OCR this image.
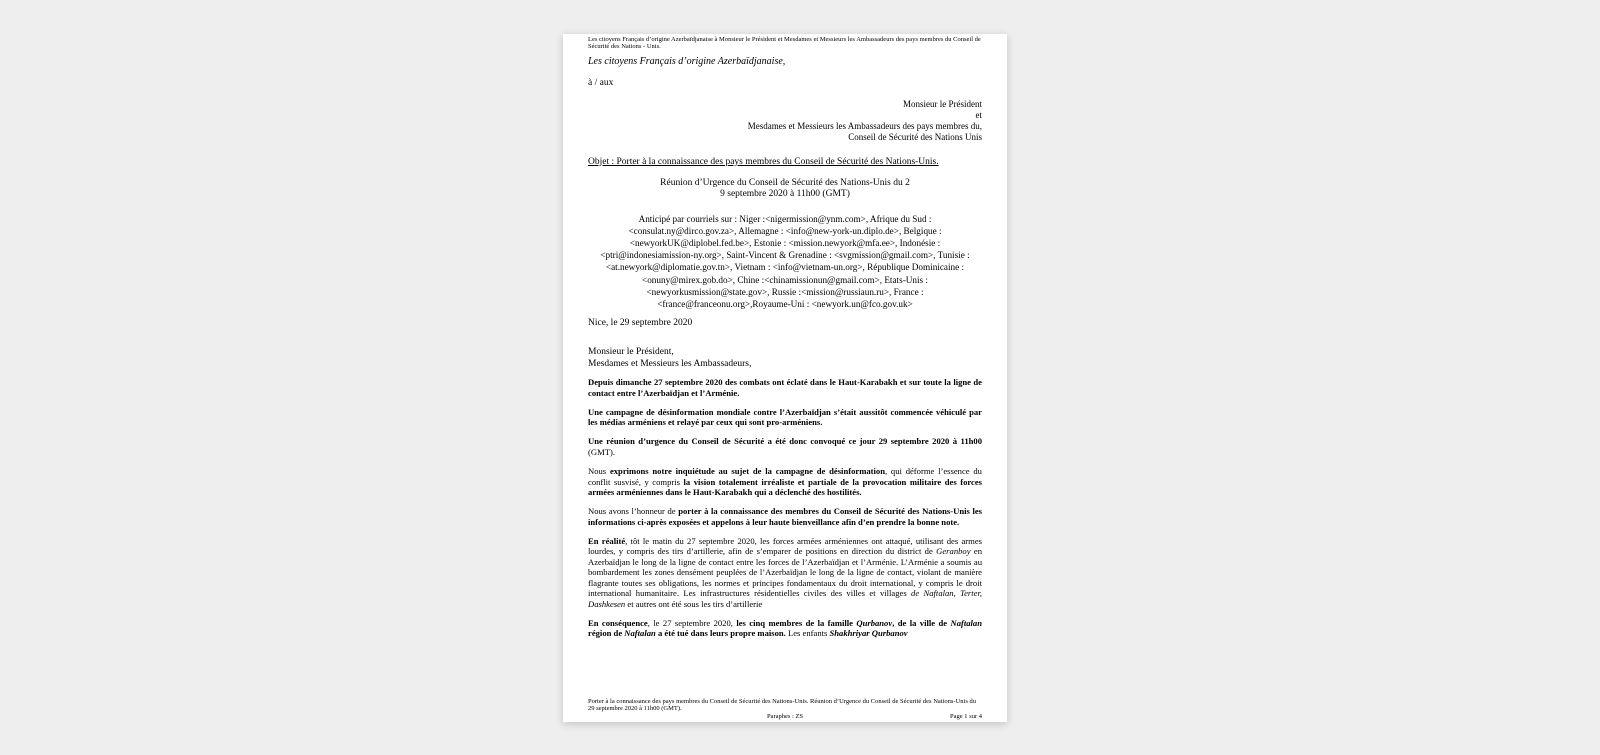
Les citoyens Français d’origine Azerbaïdjanaise à Monsieur le Président et Mesdames et Messieurs les Ambassadeurs des pays membres du Conseil de Sécurité des Nations - Unis.

Les citoyens Français d’origine Azerbaïdjanaise,

à / aux

Monsieur le Président
et
Mesdames et Messieurs les Ambassadeurs des pays membres du,
Conseil de Sécurité des Nations Unis

Objet : Porter à la connaissance des pays membres du Conseil de Sécurité des Nations-Unis.

Réunion d’Urgence du Conseil de Sécurité des Nations-Unis du 2
9 septembre 2020 à 11h00 (GMT)
Anticipé par courriels sur : Niger :<nigermission@ynm.com>, Afrique du Sud : <consulat.ny@dirco.gov.za>, Allemagne : <info@new-york-un.diplo.de>, Belgique : <newyorkUK@diplobel.fed.be>, Estonie : <mission.newyork@mfa.ee>, Indonésie : <ptri@indonesiamission-ny.org>, Saint-Vincent & Grenadine : <svgmission@gmail.com>, Tunisie :<at.newyork@diplomatie.gov.tn>, Vietnam : <info@vietnam-un.org>, République Dominicaine :<onuny@mirex.gob.do>, Chine :<chinamissionun@gmail.com>, Etats-Unis : <newyorkusmission@state.gov>, Russie :<mission@russiaun.ru>, France : <france@franceonu.org>,Royaume-Uni : <newyork.un@fco.gov.uk>
Nice, le 29 septembre 2020
Monsieur le Président,
Mesdames et Messieurs les Ambassadeurs,

Depuis dimanche 27 septembre 2020 des combats ont éclaté dans le Haut-Karabakh et sur toute la ligne de contact entre l’Azerbaïdjan et l’Arménie.

Une campagne de désinformation mondiale contre l’Azerbaïdjan s’était aussitôt commencée véhiculé par les médias arméniens et relayé par ceux qui sont pro-arméniens.

Une réunion d’urgence du Conseil de Sécurité a été donc convoqué ce jour 29 septembre 2020 à 11h00 (GMT).

Nous exprimons notre inquiétude au sujet de la campagne de désinformation, qui déforme l’essence du conflit susvisé, y compris la vision totalement irréaliste et partiale de la provocation militaire des forces armées arméniennes dans le Haut-Karabakh qui a déclenché des hostilités.

Nous avons l’honneur de porter à la connaissance des membres du Conseil de Sécurité des Nations-Unis les informations ci-après exposées et appelons à leur haute bienveillance afin d’en prendre la bonne note.

En réalité, tôt le matin du 27 septembre 2020, les forces armées arméniennes ont attaqué, utilisant des armes lourdes, y compris des tirs d’artillerie, afin de s’emparer de positions en direction du district de Geranboy en Azerbaïdjan le long de la ligne de contact entre les forces de l’Azerbaïdjan et l’Arménie. L’Arménie a soumis au bombardement les zones densément peuplées de l’Azerbaïdjan le long de la ligne de contact, violant de manière flagrante toutes ses obligations, les normes et principes fondamentaux du droit international, y compris le droit international humanitaire. Les infrastructures résidentielles civiles des villes et villages de Naftalan, Terter, Dashkesen et autres ont été sous les tirs d’artillerie

En conséquence, le 27 septembre 2020, les cinq membres de la famille Qurbanov, de la ville de Naftalan région de Naftalan a été tué dans leurs propre maison. Les enfants Shakhriyar Qurbanov

Porter à la connaissance des pays membres du Conseil de Sécurité des Nations-Unis. Réunion d’Urgence du Conseil de Sécurité des Nations-Unis du 29 septembre 2020 à 11h00 (GMT).
Paraphes : ZS	Page 1 sur 4
